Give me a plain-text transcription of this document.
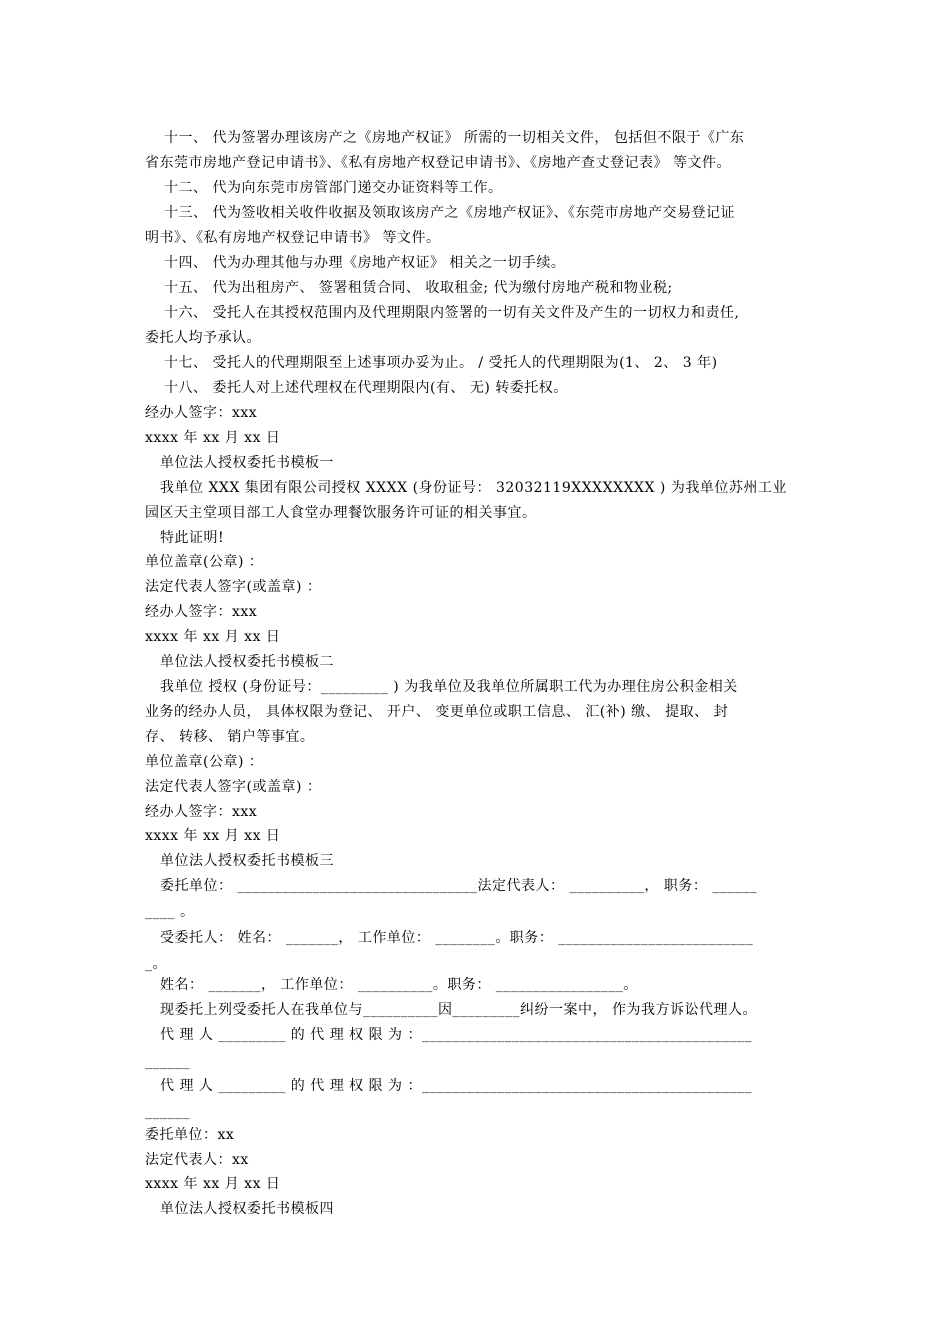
十一、 代为签署办理该房产之《房地产权证》 所需的一切相关文件， 包括但不限于《广东

省东莞市房地产登记申请书》、《私有房地产权登记申请书》、《房地产查丈登记表》 等文件。

十二、 代为向东莞市房管部门递交办证资料等工作。

十三、 代为签收相关收件收据及领取该房产之《房地产权证》、《东莞市房地产交易登记证

明书》、《私有房地产权登记申请书》 等文件。

十四、 代为办理其他与办理《房地产权证》 相关之一切手续。

十五、 代为出租房产、 签署租赁合同、 收取租金; 代为缴付房地产税和物业税;

十六、 受托人在其授权范围内及代理期限内签署的一切有关文件及产生的一切权力和责任,

委托人均予承认。

十七、 受托人的代理期限至上述事项办妥为止。 / 受托人的代理期限为(1、 2、 3 年)

十八、 委托人对上述代理权在代理期限内(有、 无) 转委托权。

经办人签字：xxx

xxxx 年 xx 月 xx 日

单位法人授权委托书模板一

我单位 XXX 集团有限公司授权 XXXX (身份证号： 32032119XXXXXXXX ) 为我单位苏州工业

园区天主堂项目部工人食堂办理餐饮服务许可证的相关事宜。

特此证明!

单位盖章(公章) ：

法定代表人签字(或盖章) ：

经办人签字：xxx

xxxx 年 xx 月 xx 日

单位法人授权委托书模板二

我单位 授权 (身份证号：_________ ) 为我单位及我单位所属职工代为办理住房公积金相关

业务的经办人员， 具体权限为登记、 开户、 变更单位或职工信息、 汇(补) 缴、 提取、 封

存、 转移、 销户等事宜。

单位盖章(公章) ：

法定代表人签字(或盖章) ：

经办人签字：xxx

xxxx 年 xx 月 xx 日

单位法人授权委托书模板三

委托单位： ________________________________法定代表人： __________， 职务： ______

____ 。

受委托人： 姓名： _______， 工作单位： ________。职务： __________________________

_。

姓名： _______， 工作单位： __________。职务： _________________。

现委托上列受委托人在我单位与__________因_________纠纷一案中， 作为我方诉讼代理人。

代 理 人 _________ 的 代 理 权 限 为 ：____________________________________________

______

代 理 人 _________ 的 代 理 权 限 为 ：____________________________________________

______

委托单位：xx

法定代表人：xx

xxxx 年 xx 月 xx 日

单位法人授权委托书模板四
